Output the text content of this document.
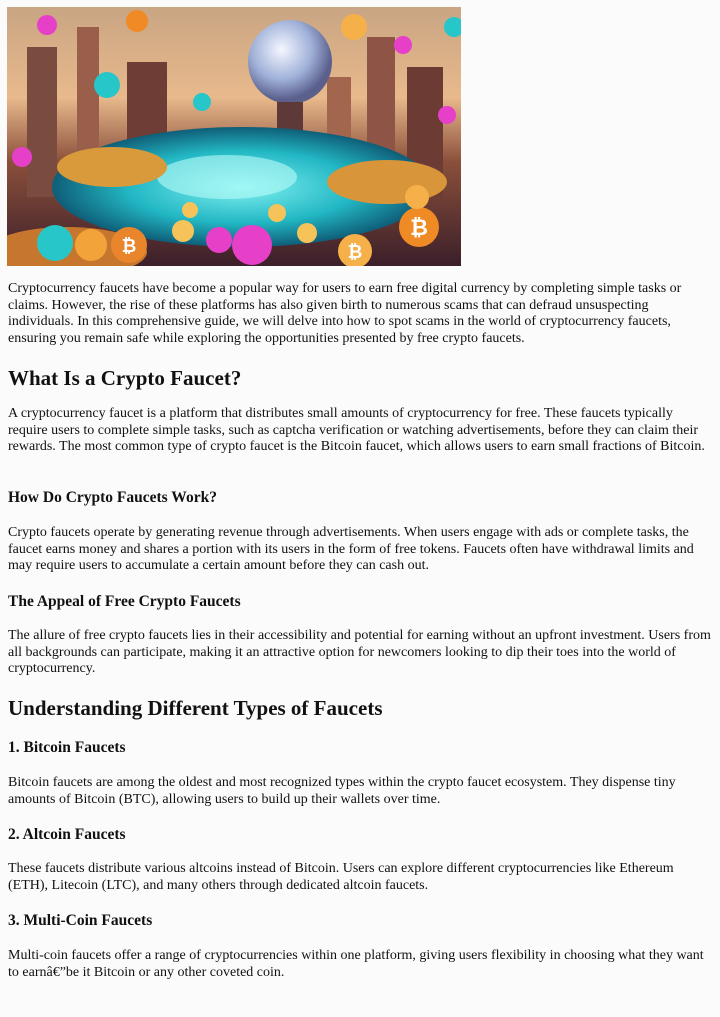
₿
₿
₿

Cryptocurrency faucets have become a popular way for users to earn free digital currency by completing simple tasks or claims. However, the rise of these platforms has also given birth to numerous scams that can defraud unsuspecting individuals. In this comprehensive guide, we will delve into how to spot scams in the world of cryptocurrency faucets, ensuring you remain safe while exploring the opportunities presented by free crypto faucets.

What Is a Crypto Faucet?

A cryptocurrency faucet is a platform that distributes small amounts of cryptocurrency for free. These faucets typically require users to complete simple tasks, such as captcha verification or watching advertisements, before they can claim their rewards. The most common type of crypto faucet is the Bitcoin faucet, which allows users to earn small fractions of Bitcoin.

How Do Crypto Faucets Work?

Crypto faucets operate by generating revenue through advertisements. When users engage with ads or complete tasks, the faucet earns money and shares a portion with its users in the form of free tokens. Faucets often have withdrawal limits and may require users to accumulate a certain amount before they can cash out.

The Appeal of Free Crypto Faucets

The allure of free crypto faucets lies in their accessibility and potential for earning without an upfront investment. Users from all backgrounds can participate, making it an attractive option for newcomers looking to dip their toes into the world of cryptocurrency.

Understanding Different Types of Faucets
1. Bitcoin Faucets

Bitcoin faucets are among the oldest and most recognized types within the crypto faucet ecosystem. They dispense tiny amounts of Bitcoin (BTC), allowing users to build up their wallets over time.

2. Altcoin Faucets

These faucets distribute various altcoins instead of Bitcoin. Users can explore different cryptocurrencies like Ethereum (ETH), Litecoin (LTC), and many others through dedicated altcoin faucets.

3. Multi-Coin Faucets

Multi-coin faucets offer a range of cryptocurrencies within one platform, giving users flexibility in choosing what they want to earnâ€”be it Bitcoin or any other coveted coin.
